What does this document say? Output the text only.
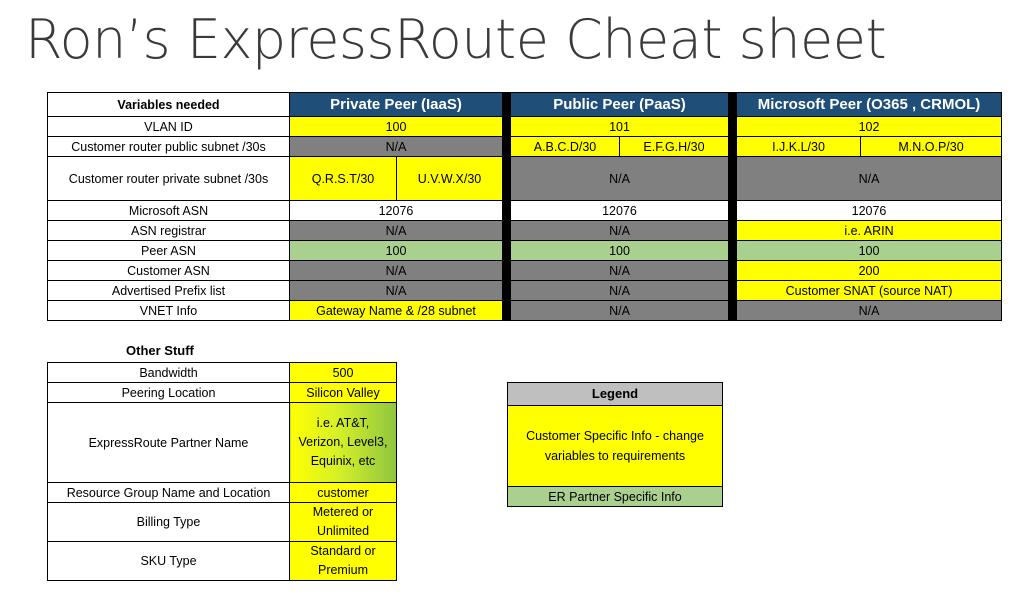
Ron’s ExpressRoute Cheat sheet
Variables needed	Private Peer (IaaS)			Public Peer (PaaS)			Microsoft Peer (O365 , CRMOL)	
VLAN ID	100			101			102	
Customer router public subnet /30s	N/A			A.B.C.D/30	E.F.G.H/30		I.J.K.L/30	M.N.O.P/30
Customer router private subnet /30s	Q.R.S.T/30	U.V.W.X/30		N/A			N/A	
Microsoft ASN	12076			12076			12076	
ASN registrar	N/A			N/A			i.e. ARIN	
Peer ASN	100			100			100	
Customer ASN	N/A			N/A			200	
Advertised Prefix list	N/A			N/A			Customer SNAT (source NAT)	
VNET Info	Gateway Name & /28 subnet			N/A			N/A	
Other Stuff
Bandwidth	500
Peering Location	Silicon Valley
ExpressRoute Partner Name	i.e. AT&T, Verizon, Level3, Equinix, etc
Resource Group Name and Location	customer
Billing Type	Metered or Unlimited
SKU Type	Standard or Premium
Legend
Customer Specific Info - change variables to requirements
ER Partner Specific Info
